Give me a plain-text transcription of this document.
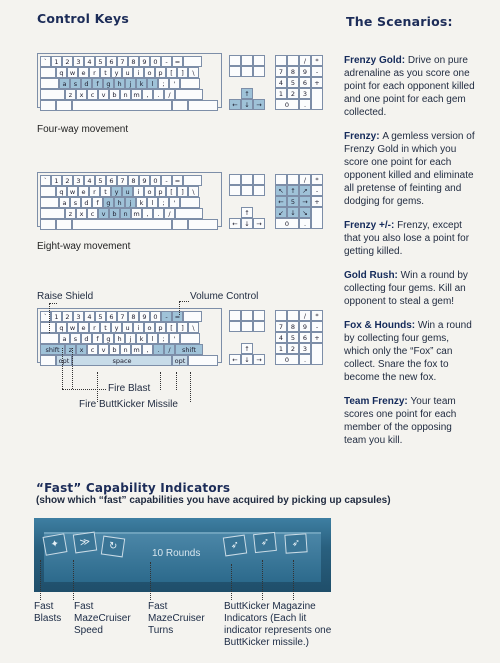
Control Keys
`	1	2	3	4	5	6	7	8	9	0	-	=
q w e	r	t	y	u	i	o	p	[	]	\
a	s	d	f	g	h	j	k	l	;	'
z	x	c	v	b	n m	,	.	/	↑
←	↓	→
/	*
7	8	9	-
4	5	6	+
1	2	3
0	.
Four-way movement
`	1	2	3	4	5	6	7	8	9	0	-	=
q w e	r	t	y	u	i	o	p	[	]	\
a	s	d	f	g	h	j	k	l	;	'
z	x	c	v	b	n m	,	.	/	↑
←	↓	→
/	*
↖	↑	↗	-
←	5	→	+
↙	↓	↘
0	.
Eight-way movement
`	1	2	3	4	5	6	7	8	9	0	-	=
q w e	r	t	y	u	i	o	p	[	]	\
a	s	d	f	g	h	j	k	l	;	'
shift	z	x	c	v	b	n m	,	.	/	shift
opt	space	opt
↑
←	↓	→
/	*
7	8	9	-
4	5	6	+
1	2	3
0	.
Raise Shield	Volume Control
Fire Blast
Fire ButtKicker Missile
The Scenarios:
Frenzy Gold: Drive on pure adrenaline as you score one point for each opponent killed and one point for each gem collected.
Frenzy: A gemless version of Frenzy Gold in which you score one point for each opponent killed and eliminate all pretense of feinting and dodging for gems.
Frenzy +/-: Frenzy, except that you also lose a point for getting killed.
Gold Rush: Win a round by collecting four gems. Kill an opponent to steal a gem!
Fox & Hounds: Win a round by collecting four gems, which only the “Fox” can collect. Snare the fox to become the new fox.
Team Frenzy: Your team scores one point for each member of the opposing team you kill.
“Fast” Capability Indicators
(show which “fast” capabilities you have acquired by picking up capsules)
✦	≫	↻
10 Rounds
➶	➶	➶
Fast Blasts
Fast MazeCruiser Speed
Fast MazeCruiser Turns
ButtKicker Magazine Indicators (Each lit indicator represents one ButtKicker missile.)
